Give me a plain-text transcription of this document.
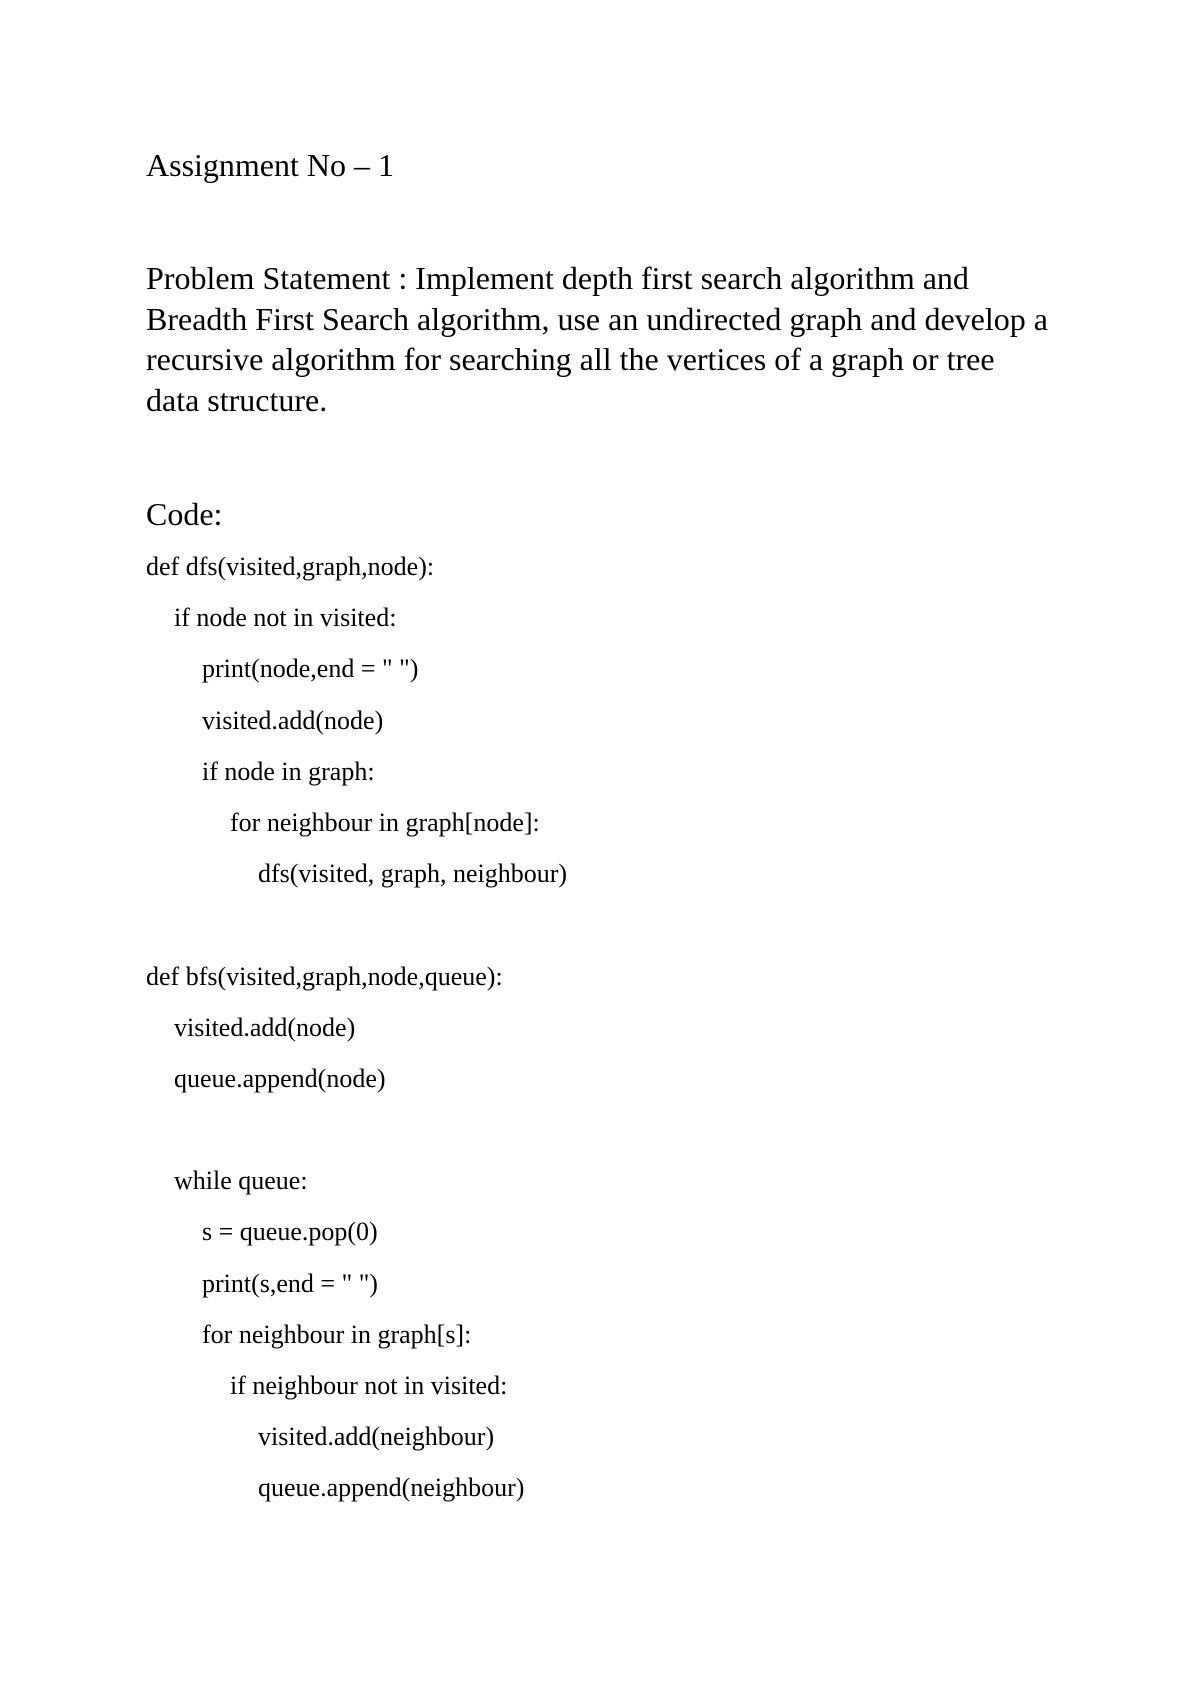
Assignment No – 1
Problem Statement : Implement depth first search algorithm and
Breadth First Search algorithm, use an undirected graph and develop a
recursive algorithm for searching all the vertices of a graph or tree
data structure.
Code:
def dfs(visited,graph,node):
if node not in visited:
print(node,end = " ")
visited.add(node)
if node in graph:
for neighbour in graph[node]:
dfs(visited, graph, neighbour)
def bfs(visited,graph,node,queue):
visited.add(node)
queue.append(node)
while queue:
s = queue.pop(0)
print(s,end = " ")
for neighbour in graph[s]:
if neighbour not in visited:
visited.add(neighbour)
queue.append(neighbour)
